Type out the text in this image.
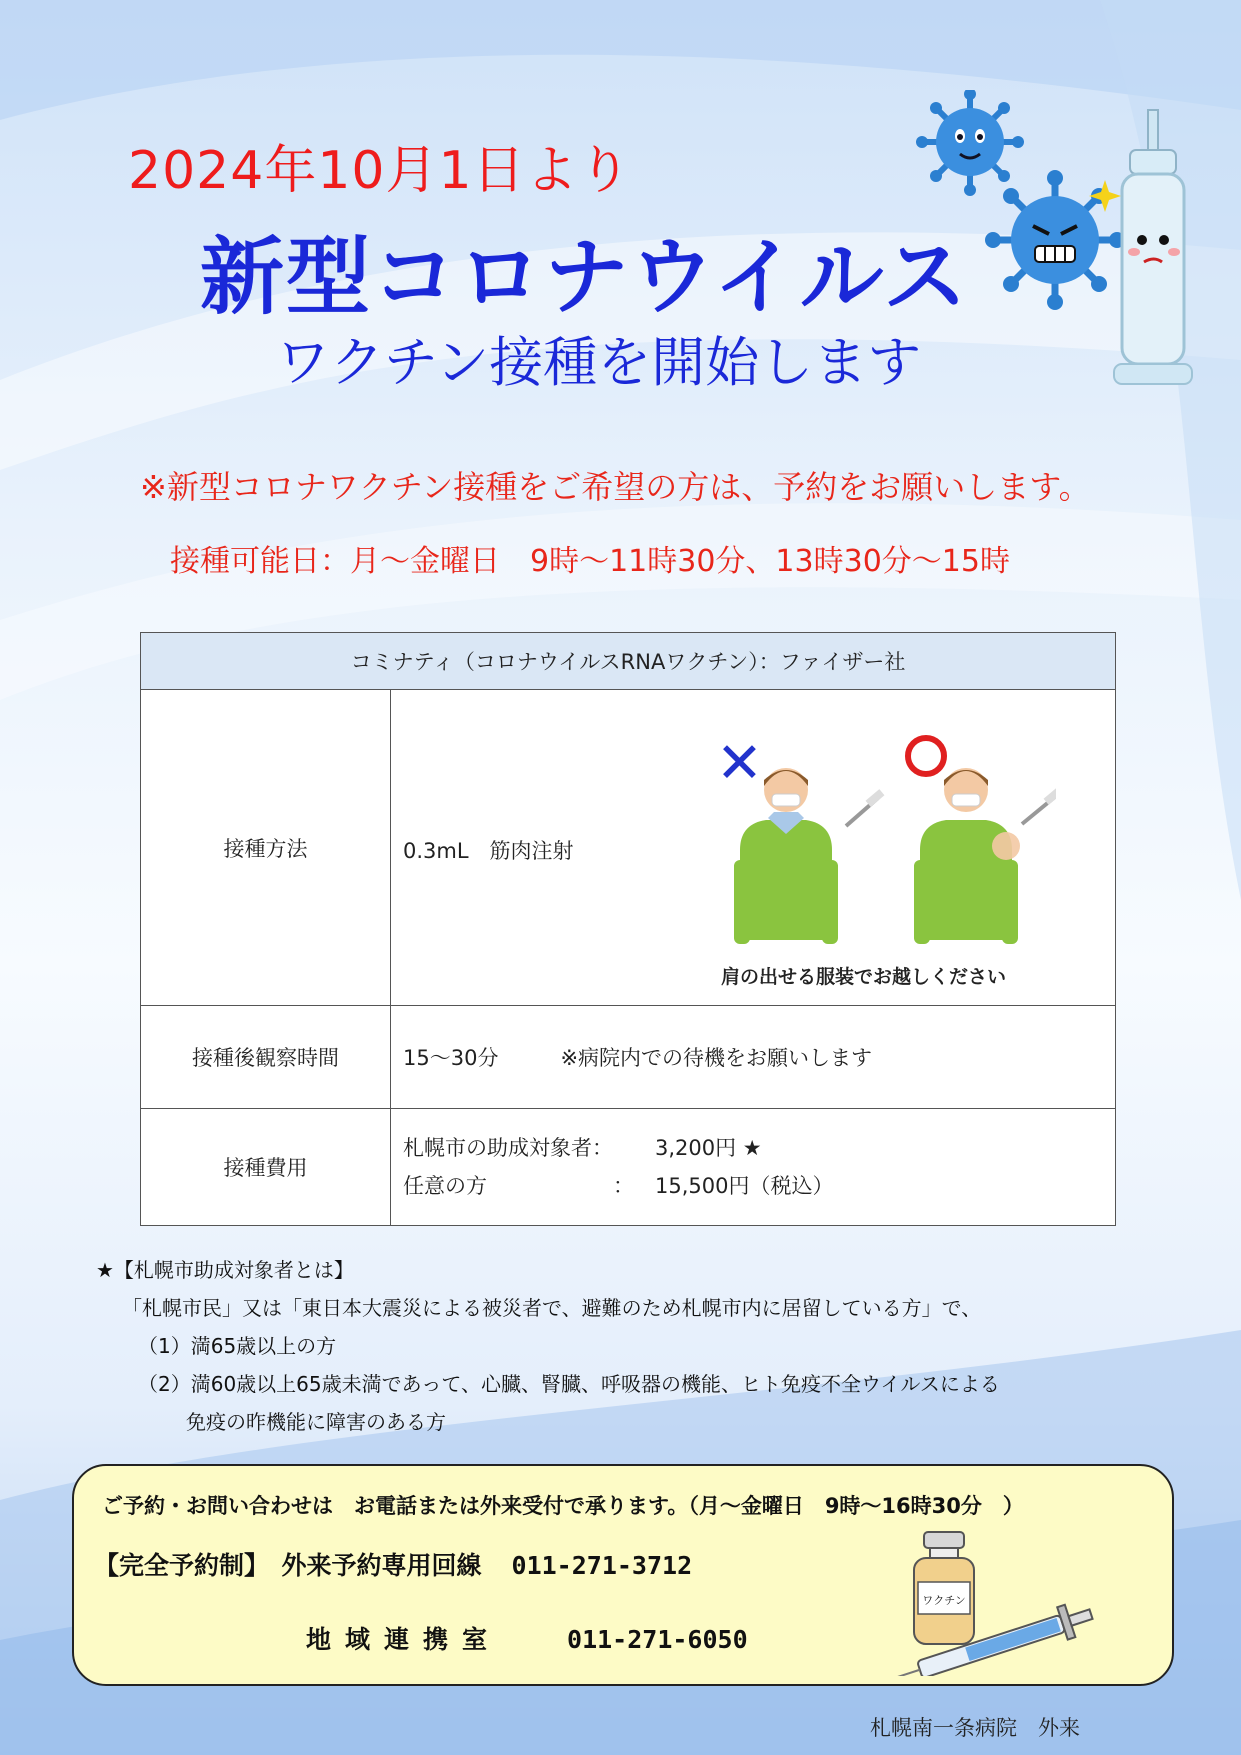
2024年10月1日より
新型コロナウイルス
ワクチン接種を開始します
※新型コロナワクチン接種をご希望の方は、予約をお願いします。
接種可能日：月～金曜日　9時～11時30分、13時30分～15時
コミナティ（コロナウイルスRNAワクチン）：ファイザー社	
接種方法	0.3mL　筋肉注射
✕ ◯
肩の出せる服装でお越しください

接種後観察時間	15～30分 ※病院内での待機をお願いします
接種費用	札幌市の助成対象者： 3,200円 ★
任意の方　　　　　　： 15,500円（税込）
★【札幌市助成対象者とは】
「札幌市民」又は「東日本大震災による被災者で、避難のため札幌市内に居留している方」で、
（1）満65歳以上の方
（2）満60歳以上65歳未満であって、心臓、腎臓、呼吸器の機能、ヒト免疫不全ウイルスによる
免疫の昨機能に障害のある方
ご予約・お問い合わせは　お電話または外来受付で承ります。（月～金曜日　9時～16時30分　）
【完全予約制】　外来予約専用回線 011-271-3712
地域連携室	011-271-6050
ワクチン
札幌南一条病院　外来
